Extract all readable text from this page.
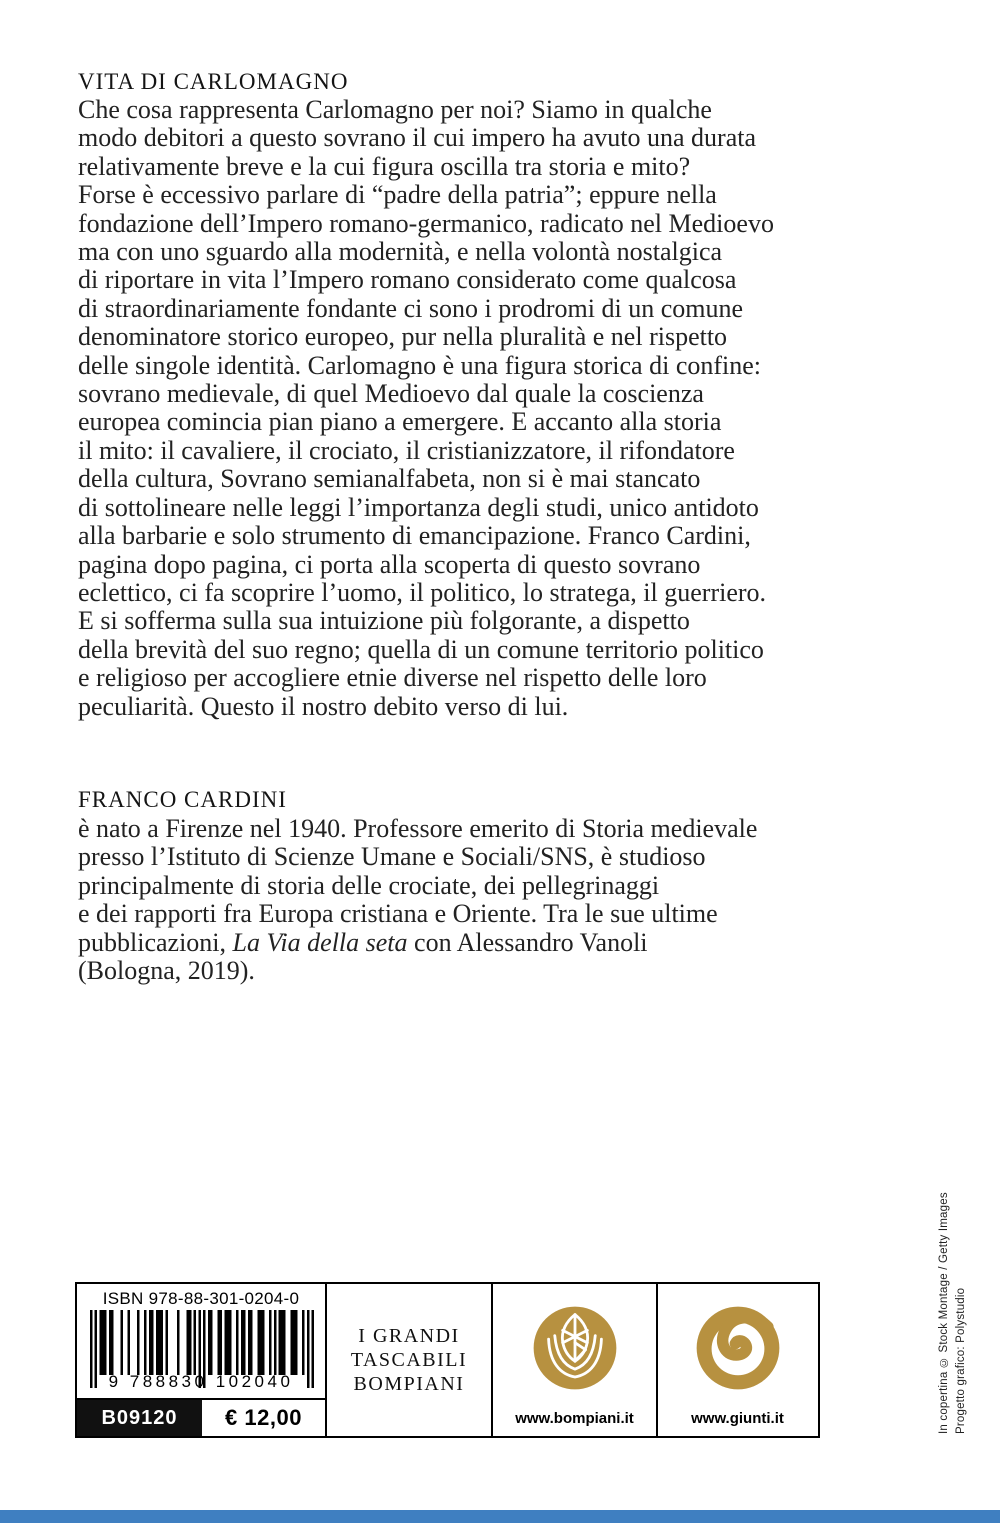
VITA DI CARLOMAGNO
Che cosa rappresenta Carlomagno per noi? Siamo in qualche
modo debitori a questo sovrano il cui impero ha avuto una durata
relativamente breve e la cui figura oscilla tra storia e mito?
Forse è eccessivo parlare di “padre della patria”; eppure nella
fondazione dell’Impero romano-germanico, radicato nel Medioevo
ma con uno sguardo alla modernità, e nella volontà nostalgica
di riportare in vita l’Impero romano considerato come qualcosa
di straordinariamente fondante ci sono i prodromi di un comune
denominatore storico europeo, pur nella pluralità e nel rispetto
delle singole identità. Carlomagno è una figura storica di confine:
sovrano medievale, di quel Medioevo dal quale la coscienza
europea comincia pian piano a emergere. E accanto alla storia
il mito: il cavaliere, il crociato, il cristianizzatore, il rifondatore
della cultura, Sovrano semianalfabeta, non si è mai stancato
di sottolineare nelle leggi l’importanza degli studi, unico antidoto
alla barbarie e solo strumento di emancipazione. Franco Cardini,
pagina dopo pagina, ci porta alla scoperta di questo sovrano
eclettico, ci fa scoprire l’uomo, il politico, lo stratega, il guerriero.
E si sofferma sulla sua intuizione più folgorante, a dispetto
della brevità del suo regno; quella di un comune territorio politico
e religioso per accogliere etnie diverse nel rispetto delle loro
peculiarità. Questo il nostro debito verso di lui.
FRANCO CARDINI
è nato a Firenze nel 1940. Professore emerito di Storia medievale
presso l’Istituto di Scienze Umane e Sociali/SNS, è studioso
principalmente di storia delle crociate, dei pellegrinaggi
e dei rapporti fra Europa cristiana e Oriente. Tra le sue ultime
pubblicazioni, La Via della seta con Alessandro Vanoli
(Bologna, 2019).
In copertina © Stock Montage / Getty Images Progetto grafico: Polystudio
ISBN 978-88-301-0204-0
9 788830 102040
B09120	€ 12,00
I GRANDI
TASCABILI
BOMPIANI
www.bompiani.it	www.giunti.it
